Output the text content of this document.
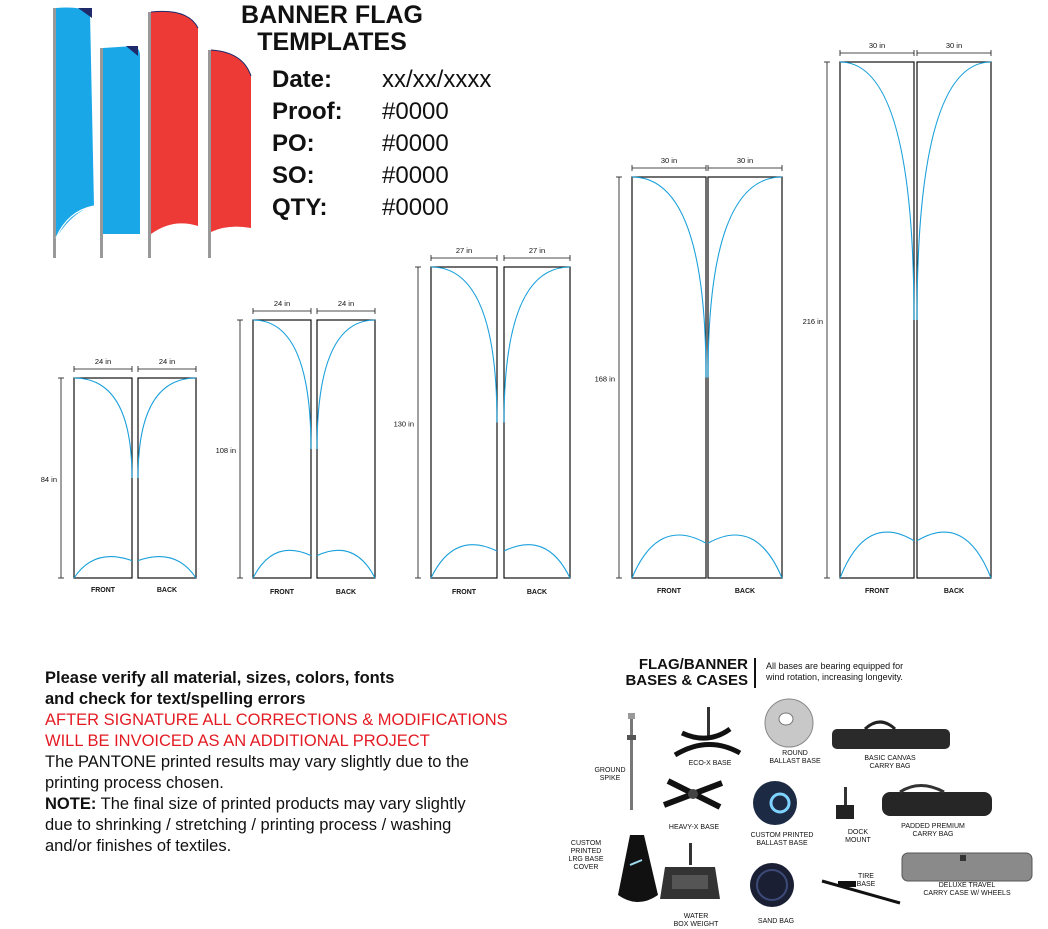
BANNER FLAG
TEMPLATES
Date: xx/xx/xxxx
Proof: #0000
PO:	#0000
SO:	#0000
QTY: #0000
24 in
FRONT
24 in
BACK
84 in
24 in
FRONT
24 in
BACK
108 in
27 in
FRONT
27 in
BACK
130 in
30 in
FRONT
30 in
BACK
168 in
30 in
FRONT
30 in
BACK
216 in
Please verify all material, sizes, colors, fonts
and check for text/spelling errors
AFTER SIGNATURE ALL CORRECTIONS & MODIFICATIONS
WILL BE INVOICED AS AN ADDITIONAL PROJECT
The PANTONE printed results may vary slightly due to the
printing process chosen.
NOTE: The final size of printed products may vary slightly
due to shrinking / stretching / printing process / washing
and/or finishes of textiles.
FLAG/BANNER
BASES & CASES
All bases are bearing equipped for
wind rotation, increasing longevity.
GROUND
SPIKE
ECO-X BASE
ROUND
BALLAST BASE	BASIC CANVAS
CARRY BAG
HEAVY-X BASE
CUSTOM PRINTED
BALLAST BASE
DOCK
MOUNT
PADDED PREMIUM
CARRY BAG
CUSTOM
PRINTED
LRG BASE
COVER
WATER
BOX WEIGHT	SAND BAG
TIRE
BASE	DELUXE TRAVEL
CARRY CASE W/ WHEELS
